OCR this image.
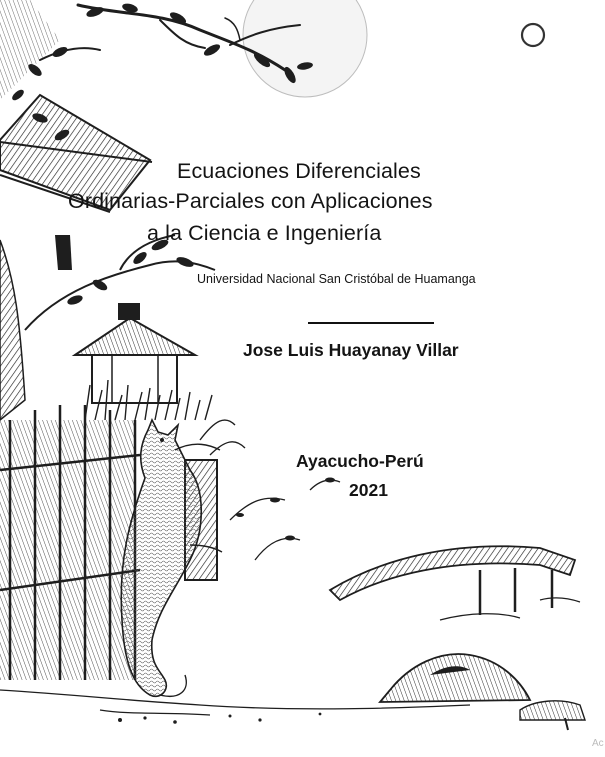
Ecuaciones Diferenciales
Ordinarias-Parciales con Aplicaciones
a la Ciencia e Ingeniería
Universidad Nacional San Cristóbal de Huamanga
Jose Luis Huayanay Villar
Ayacucho-Perú
2021
Ac
